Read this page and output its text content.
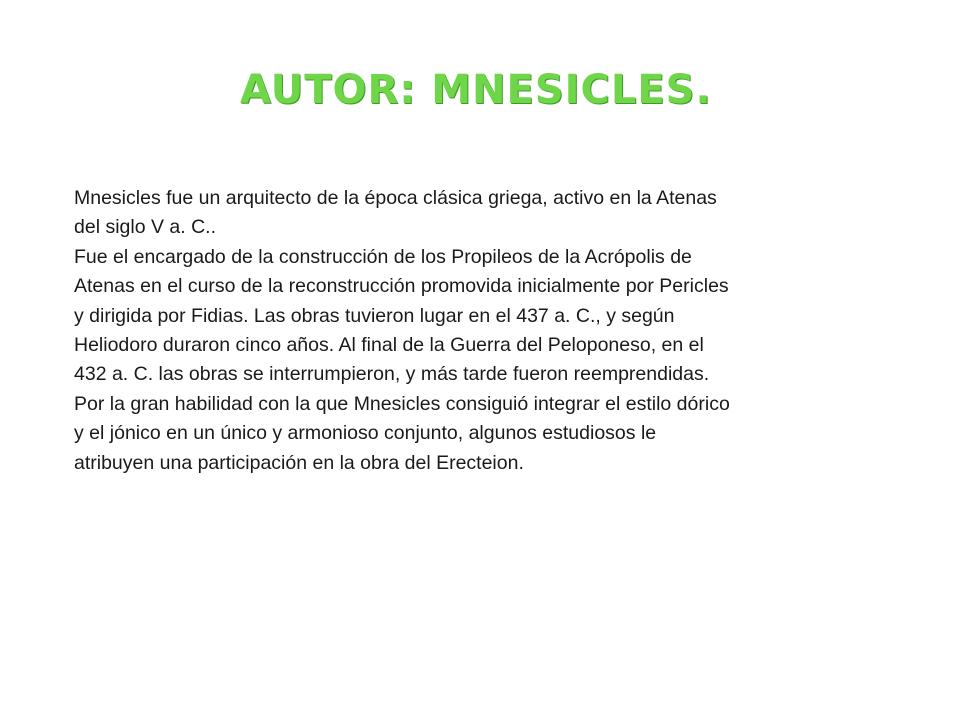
AUTOR: MNESICLES.

Mnesicles fue un arquitecto de la época clásica griega, activo en la Atenas
del siglo V a. C..

Fue el encargado de la construcción de los Propileos de la Acrópolis de
Atenas en el curso de la reconstrucción promovida inicialmente por Pericles
y dirigida por Fidias. Las obras tuvieron lugar en el 437 a. C., y según
Heliodoro duraron cinco años. Al final de la Guerra del Peloponeso, en el
432 a. C. las obras se interrumpieron, y más tarde fueron reemprendidas.

Por la gran habilidad con la que Mnesicles consiguió integrar el estilo dórico
y el jónico en un único y armonioso conjunto, algunos estudiosos le
atribuyen una participación en la obra del Erecteion.
